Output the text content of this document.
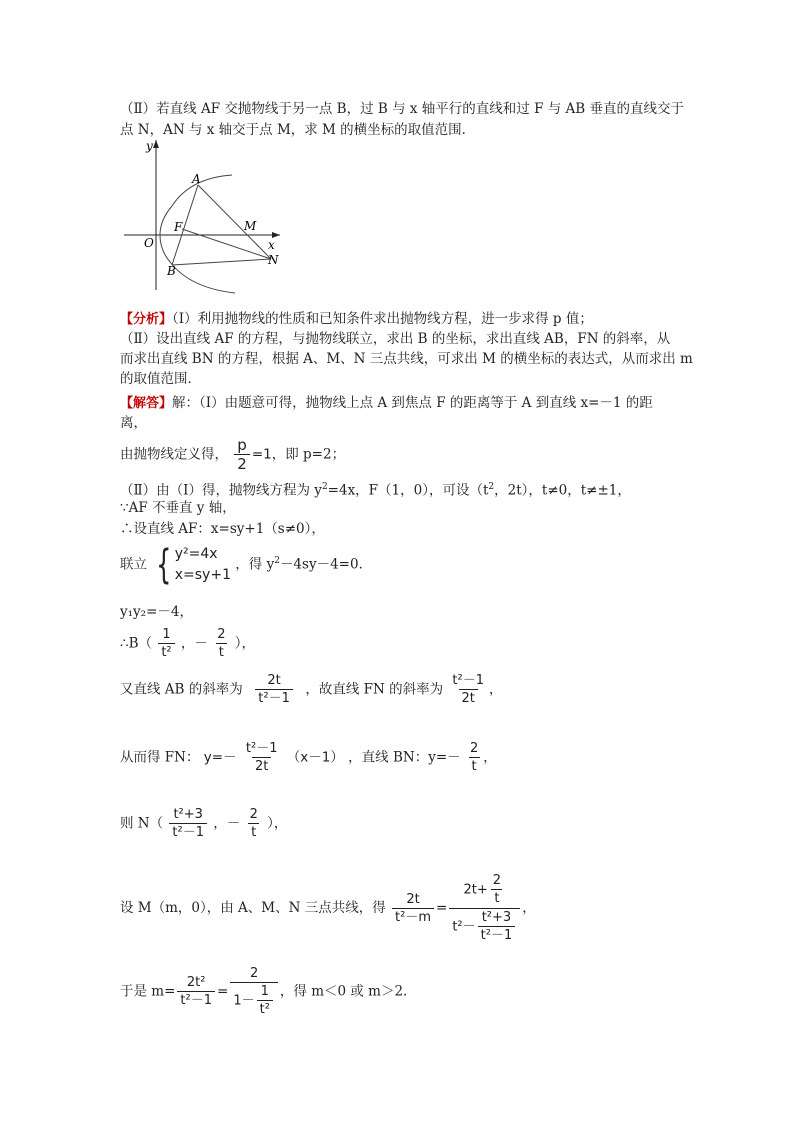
（Ⅱ）若直线 AF 交抛物线于另一点 B，过 B 与 x 轴平行的直线和过 F 与 AB 垂直的直线交于
点 N，AN 与 x 轴交于点 M，求 M 的横坐标的取值范围．
y
x
O
F
A
B
M
N
【分析】（Ⅰ）利用抛物线的性质和已知条件求出抛物线方程，进一步求得 p 值；
（Ⅱ）设出直线 AF 的方程，与抛物线联立，求出 B 的坐标，求出直线 AB，FN 的斜率，从
而求出直线 BN 的方程，根据 A、M、N 三点共线，可求出 M 的横坐标的表达式，从而求出 m
的取值范围．
【解答】解：（Ⅰ）由题意可得，抛物线上点 A 到焦点 F 的距离等于 A 到直线 x=－1 的距
离，
由抛物线定义得， $\frac{p}{2} =1$，即 p=2；
（Ⅱ）由（Ⅰ）得，抛物线方程为 $y^2=4x$，F（1，0），可设（$t^2$，2t），t≠0，t≠±1，
∵AF 不垂直 y 轴，
∴设直线 AF：x=sy+1（s≠0），
联立 { y²=4x
x=sy+1
，得 $y^2-4sy-4=0$．
y₁y₂=－4，
∴B（ $\frac{1}{\text{t²}}$ ，－ $\frac{2}{t}$ ），
又直线 AB 的斜率为 $\frac{2t}{\text{t²－1}}$ ，故直线 FN 的斜率为 $\frac{\text{t²－1}}{2t}$ ，
从而得 FN： $y=- \frac{\text{t²－1}}{2t} (x-1)$ ，直线 BN：$y=- \frac{2}{t}$ ，
则 $N( \frac{\text{t²+3}}{\text{t²－1}}$ ，－ $\frac{2}{t}$ ），
设 M（m，0），由 A、M、N 三点共线，得 $\frac{2t}{\text{t²－m}} = \frac{2t+ \frac{2}{t}}{t^2- \frac{\text{t²+3}}{\text{t²－1}}}$ ，
于是 $m= \frac{\text{2t²}}{\text{t²－1}} = \frac{2}{1- \frac{1}{\text{t²}}}$ ，得 m＜0 或 m＞2．
